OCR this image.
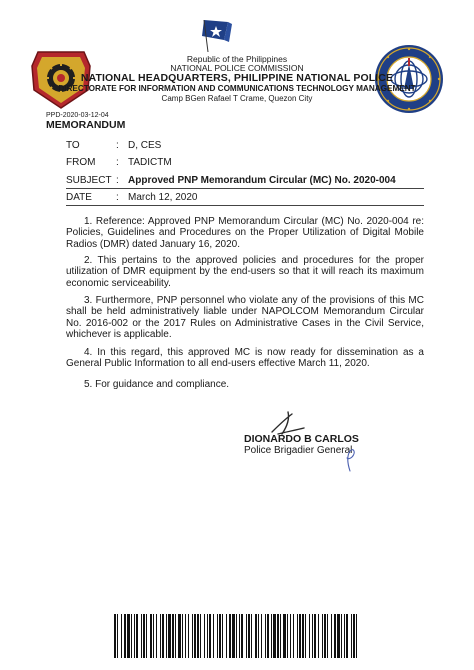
Republic of the Philippines
NATIONAL POLICE COMMISSION
NATIONAL HEADQUARTERS, PHILIPPINE NATIONAL POLICE
DIRECTORATE FOR INFORMATION AND COMMUNICATIONS TECHNOLOGY MANAGEMENT
Camp BGen Rafael T Crame, Quezon City
PPD-2020-03-12-04
MEMORANDUM
TO	: D, CES
FROM : TADICTM
SUBJECT : Approved PNP Memorandum Circular (MC) No. 2020-004
DATE : March 12, 2020
1. Reference: Approved PNP Memorandum Circular (MC) No. 2020-004 re: Policies, Guidelines and Procedures on the Proper Utilization of Digital Mobile Radios (DMR) dated January 16, 2020.
2. This pertains to the approved policies and procedures for the proper utilization of DMR equipment by the end-users so that it will reach its maximum economic serviceability.
3. Furthermore, PNP personnel who violate any of the provisions of this MC shall be held administratively liable under NAPOLCOM Memorandum Circular No. 2016-002 or the 2017 Rules on Administrative Cases in the Civil Service, whichever is applicable.
4. In this regard, this approved MC is now ready for dissemination as a General Public Information to all end-users effective March 11, 2020.
5. For guidance and compliance.
DIONARDO B CARLOS
Police Brigadier General
